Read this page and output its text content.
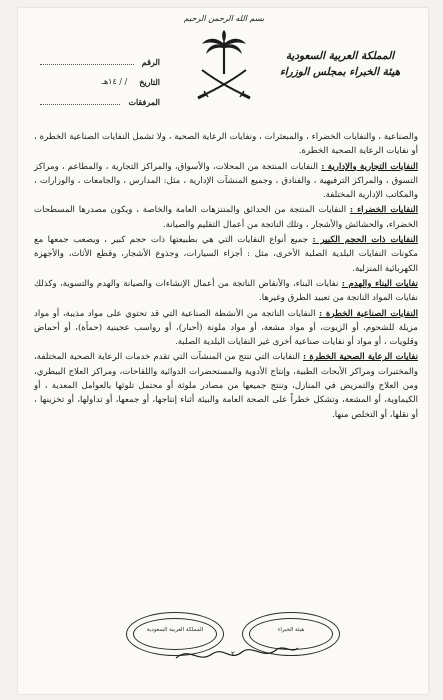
بسم الله الرحمن الرحيم
المملكة العربية السعودية
هيئة الخبراء بمجلس الوزراء
الرقم
التاريخ
/ / ١٤هـ
المرفقات

والصناعية ، والنفايات الخضراء ، والمبعثرات ، ونفايات الرعاية الصحية ، ولا تشمل النفايات الصناعية الخطرة ، أو نفايات الرعاية الصحية الخطرة.

النفايات التجارية والإدارية : النفايات المنتجة من المحلات، والأسواق، والمراكز التجارية ، والمطاعم ، ومراكز التسوق ، والمراكز الترفيهية ، والفنادق ، وجميع المنشآت الإدارية ، مثل: المدارس ، والجامعات ، والوزارات ، والمكاتب الإدارية المختلفة.

النفايات الخضراء : النفايات المنتجة من الحدائق والمتنزهات العامة والخاصة ، ويكون مصدرها المسطحات الخضراء، والحشائش والأشجار ، وتلك الناتجة من أعمال التقليم والصيانة.

النفايات ذات الحجم الكبير : جميع أنواع النفايات التي هي بطبيعتها ذات حجم كبير ، ويصعب جمعها مع مكونات النفايات البلدية الصلبة الأخرى، مثل : أجزاء السيارات، وجذوع الأشجار، وقطع الأثاث، والأجهزة الكهربائية المنزلية.

نفايات البناء والهدم : نفايات البناء، والأنقاض الناتجة من أعمال الإنشاءات والصيانة والهدم والتسوية، وكذلك نفايات المواد الناتجة من تعبيد الطرق وغيرها.

النفايات الصناعية الخطرة : النفايات الناتجة من الأنشطة الصناعية التي قد تحتوي على مواد مذيبة، أو مواد مزيلة للشحوم، أو الزيوت، أو مواد مشعة، أو مواد ملونة (أحبار)، أو رواسب عجينية (حمأة)، أو أحماض وقلويات ، أو مواد أو نفايات صناعية أخرى غير النفايات البلدية الصلبة.

نفايات الرعاية الصحية الخطرة : النفايات التي تنتج من المنشآت التي تقدم خدمات الرعاية الصحية المختلفة، والمختبرات ومراكز الأبحاث الطبية، وإنتاج الأدوية والمستحضرات الدوائية واللقاحات، ومراكز العلاج البيطري، ومن العلاج والتمريض في المنازل، وتنتج جميعها من مصادر ملوثة أو محتمل تلوثها بالعوامل المعدية ، أو الكيماوية، أو المشعة، وتشكل خطراً على الصحة العامة والبيئة أثناء إنتاجها، أو جمعها، أو تداولها، أو تخزينها ، أو نقلها، أو التخلص منها.

المملكة العربية السعودية	هيئة الخبراء
٢
